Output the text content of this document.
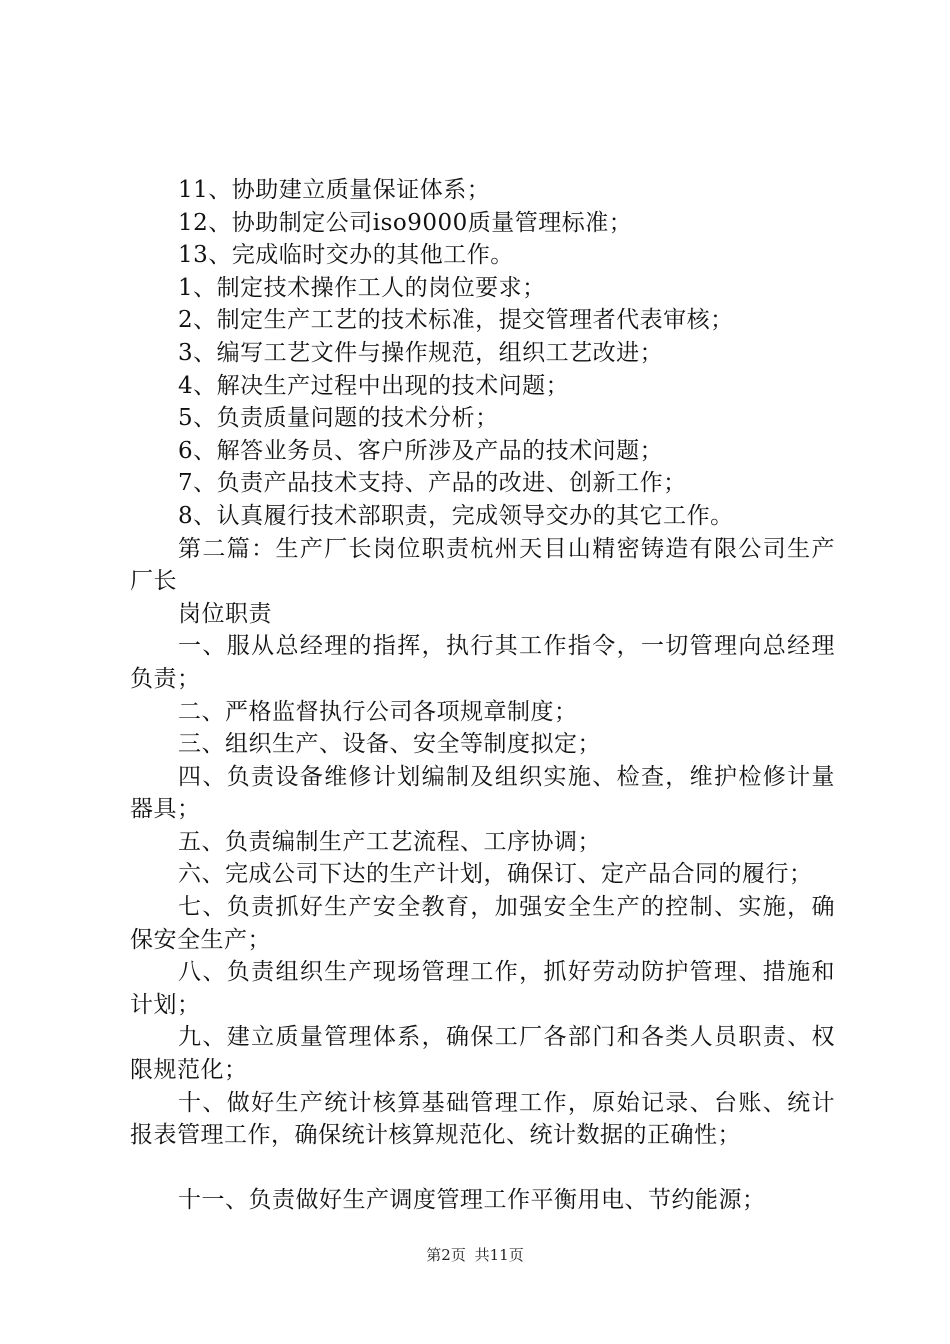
11、协助建立质量保证体系；

12、协助制定公司iso9000质量管理标准；

13、完成临时交办的其他工作。

1、制定技术操作工人的岗位要求；

2、制定生产工艺的技术标准，提交管理者代表审核；

3、编写工艺文件与操作规范，组织工艺改进；

4、解决生产过程中出现的技术问题；

5、负责质量问题的技术分析；

6、解答业务员、客户所涉及产品的技术问题；

7、负责产品技术支持、产品的改进、创新工作；

8、认真履行技术部职责，完成领导交办的其它工作。

第二篇：生产厂长岗位职责杭州天目山精密铸造有限公司生产厂长

岗位职责

一、服从总经理的指挥，执行其工作指令，一切管理向总经理负责；

二、严格监督执行公司各项规章制度；

三、组织生产、设备、安全等制度拟定；

四、负责设备维修计划编制及组织实施、检查，维护检修计量器具；

五、负责编制生产工艺流程、工序协调；

六、完成公司下达的生产计划，确保订、定产品合同的履行；

七、负责抓好生产安全教育，加强安全生产的控制、实施，确保安全生产；

八、负责组织生产现场管理工作，抓好劳动防护管理、措施和计划；

九、建立质量管理体系，确保工厂各部门和各类人员职责、权限规范化；

十、做好生产统计核算基础管理工作，原始记录、台账、统计报表管理工作，确保统计核算规范化、统计数据的正确性；

十一、负责做好生产调度管理工作平衡用电、节约能源；

第2页 共11页
